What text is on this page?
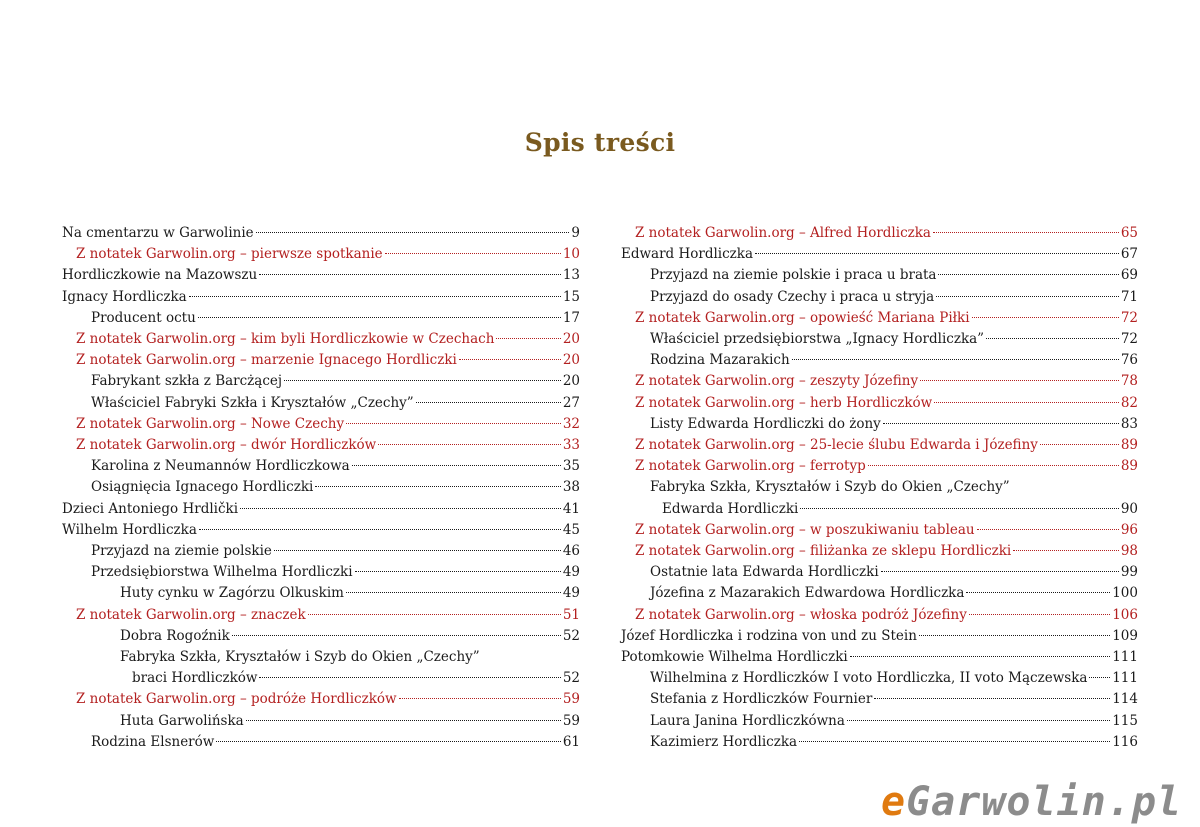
Spis treści
Na cmentarzu w Garwolinie	9
Z notatek Garwolin.org – pierwsze spotkanie	10
Hordliczkowie na Mazowszu	13
Ignacy Hordliczka	15
Producent octu	17
Z notatek Garwolin.org – kim byli Hordliczkowie w Czechach	20
Z notatek Garwolin.org – marzenie Ignacego Hordliczki	20
Fabrykant szkła z Barcżącej	20
Właściciel Fabryki Szkła i Kryształów „Czechy”	27
Z notatek Garwolin.org – Nowe Czechy	32
Z notatek Garwolin.org – dwór Hordliczków	33
Karolina z Neumannów Hordliczkowa	35
Osiągnięcia Ignacego Hordliczki	38
Dzieci Antoniego Hrdlički	41
Wilhelm Hordliczka	45
Przyjazd na ziemie polskie	46
Przedsiębiorstwa Wilhelma Hordliczki	49
Huty cynku w Zagórzu Olkuskim	49
Z notatek Garwolin.org – znaczek	51
Dobra Rogoźnik	52
Fabryka Szkła, Kryształów i Szyb do Okien „Czechy”
braci Hordliczków	52
Z notatek Garwolin.org – podróże Hordliczków	59
Huta Garwolińska	59
Rodzina Elsnerów	61
Z notatek Garwolin.org – Alfred Hordliczka	65
Edward Hordliczka	67
Przyjazd na ziemie polskie i praca u brata	69
Przyjazd do osady Czechy i praca u stryja	71
Z notatek Garwolin.org – opowieść Mariana Piłki	72
Właściciel przedsiębiorstwa „Ignacy Hordliczka”	72
Rodzina Mazarakich	76
Z notatek Garwolin.org – zeszyty Józefiny	78
Z notatek Garwolin.org – herb Hordliczków	82
Listy Edwarda Hordliczki do żony	83
Z notatek Garwolin.org – 25-lecie ślubu Edwarda i Józefiny	89
Z notatek Garwolin.org – ferrotyp	89
Fabryka Szkła, Kryształów i Szyb do Okien „Czechy”
Edwarda Hordliczki	90
Z notatek Garwolin.org – w poszukiwaniu tableau	96
Z notatek Garwolin.org – filiżanka ze sklepu Hordliczki	98
Ostatnie lata Edwarda Hordliczki	99
Józefina z Mazarakich Edwardowa Hordliczka	100
Z notatek Garwolin.org – włoska podróż Józefiny	106
Józef Hordliczka i rodzina von und zu Stein	109
Potomkowie Wilhelma Hordliczki	111
Wilhelmina z Hordliczków I voto Hordliczka, II voto Mączewska 111
Stefania z Hordliczków Fournier	114
Laura Janina Hordliczkówna	115
Kazimierz Hordliczka	116
eGarwolin.pl
